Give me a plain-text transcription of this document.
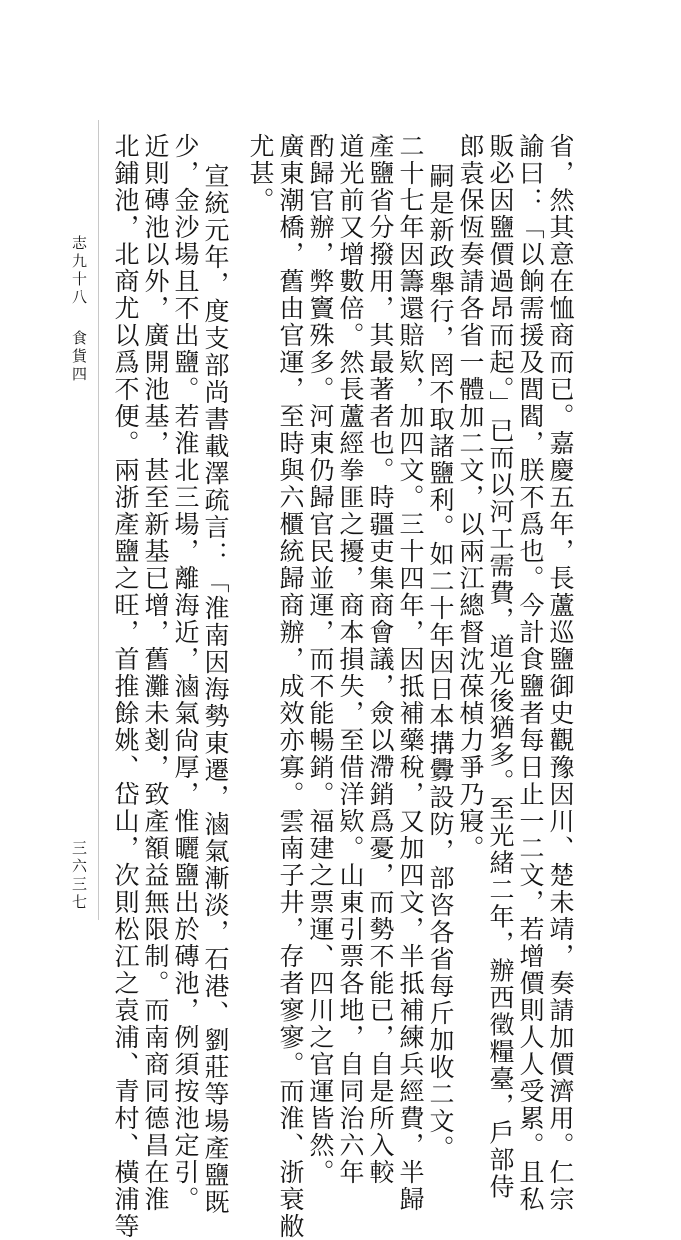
省，然其意在恤商而已。嘉慶五年，長蘆巡鹽御史觀豫因川、楚未靖，奏請加價濟用。仁宗
諭曰：「以餉需援及閭閻，朕不爲也。今計食鹽者每日止一二文，若增價則人人受累。且私
販必因鹽價過昂而起。」已而以河工需費，道光後猶多。至光緒二年，辦西徵糧臺，戶部侍
郎袁保恆奏請各省一體加二文，以兩江總督沈葆楨力爭乃寢。
嗣是新政舉行，罔不取諸鹽利。如二十年因日本搆釁設防，部咨各省每斤加收二文。
二十七年因籌還賠欵，加四文。三十四年，因抵補藥稅，又加四文，半抵補練兵經費，半歸
產鹽省分撥用，其最著者也。時疆吏集商會議，僉以滯銷爲憂，而勢不能已，自是所入較
道光前又增數倍。然長蘆經拳匪之擾，商本損失，至借洋欵。山東引票各地，自同治六年
酌歸官辦，弊竇殊多。河東仍歸官民並運，而不能暢銷。福建之票運、四川之官運皆然。
廣東潮橋，舊由官運，至時與六櫃統歸商辦，成效亦寡。雲南子井，存者寥寥。而淮、浙衰敝
尤甚。
宣統元年，度支部尚書載澤疏言：「淮南因海勢東遷，滷氣漸淡，石港、劉莊等場產鹽既
少，金沙場且不出鹽。若淮北三場，離海近，滷氣尙厚，惟曬鹽出於磚池，例須按池定引。
近則磚池以外，廣開池基，甚至新基已增，舊灘未剗，致產額益無限制。而南商同德昌在淮
北鋪池，北商尤以爲不便。兩浙產鹽之旺，首推餘姚、岱山，次則松江之袁浦、青村、橫浦等
志九十八
食貨四
三六三七
